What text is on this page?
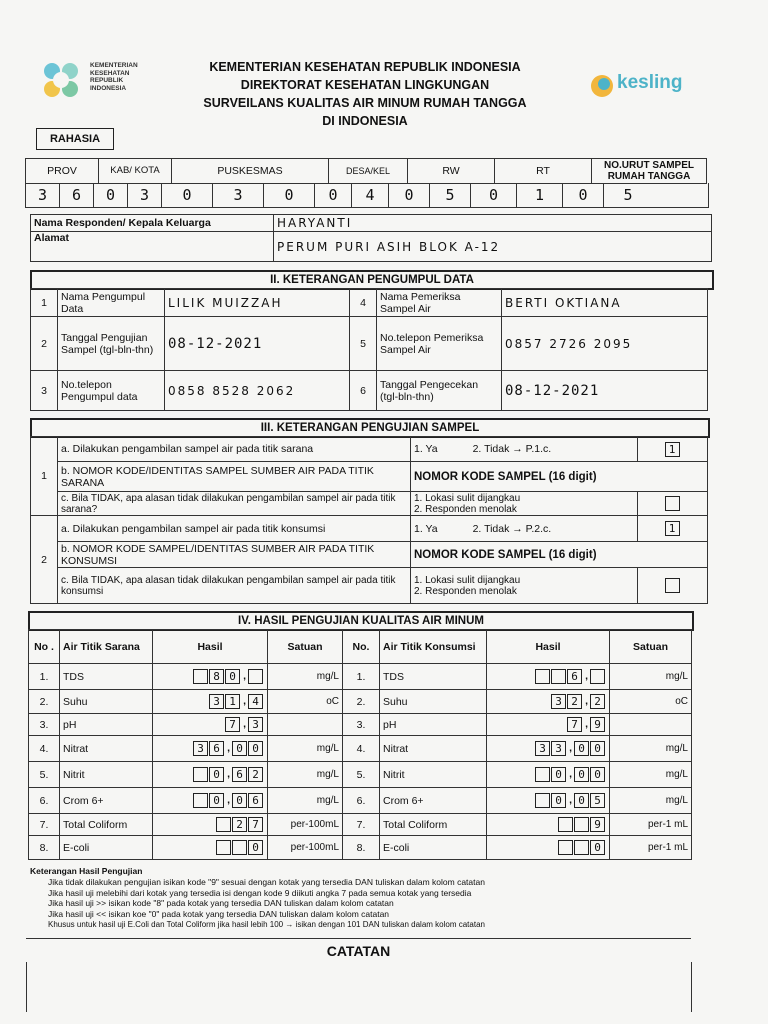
KEMENTERIAN
KESEHATAN
REPUBLIK
INDONESIA
KEMENTERIAN KESEHATAN REPUBLIK INDONESIA
DIREKTORAT KESEHATAN LINGKUNGAN
SURVEILANS KUALITAS AIR MINUM RUMAH TANGGA
DI INDONESIA
kesling
RAHASIA
PROV	KAB/ KOTA	PUSKESMAS	DESA/KEL	RW	RT	NO.URUT SAMPEL RUMAH TANGGA
3	6	0	3	0	3	0	0	4	0	5	0	1	0	5
Nama Responden/ Kepala Keluarga	HARYANTI
Alamat	PERUM PURI ASIH BLOK A-12
II. KETERANGAN PENGUMPUL DATA
1	Nama Pengumpul Data	LILIK MUIZZAH	4	Nama Pemeriksa Sampel Air	BERTI OKTIANA
2	Tanggal Pengujian Sampel (tgl-bln-thn)	08-12-2021	5	No.telepon Pemeriksa Sampel Air	0857 2726 2095
3	No.telepon Pengumpul data	0858 8528 2062	6	Tanggal Pengecekan (tgl-bln-thn)	08-12-2021
III. KETERANGAN PENGUJIAN SAMPEL
1	a. Dilakukan pengambilan sampel air pada titik sarana	1. Ya 2. Tidak → P.1.c.	1
	b. NOMOR KODE/IDENTITAS SAMPEL SUMBER AIR PADA TITIK SARANA	NOMOR KODE SAMPEL (16 digit)	
	c. Bila TIDAK, apa alasan tidak dilakukan pengambilan sampel air pada titik sarana?	1. Lokasi sulit dijangkau
2. Responden menolak	

2	a. Dilakukan pengambilan sampel air pada titik konsumsi	1. Ya 2. Tidak → P.2.c.	1
	b. NOMOR KODE SAMPEL/IDENTITAS SUMBER AIR PADA TITIK KONSUMSI	NOMOR KODE SAMPEL (16 digit)	
	c. Bila TIDAK, apa alasan tidak dilakukan pengambilan sampel air pada titik konsumsi	1. Lokasi sulit dijangkau
2. Responden menolak	

IV. HASIL PENGUJIAN KUALITAS AIR MINUM
No .	Air Titik Sarana	Hasil	Satuan	No.	Air Titik Konsumsi	Hasil	Satuan
1.	TDS	8 0 ,	mg/L	1.	TDS	6 ,	mg/L
2.	Suhu	3 1 , 4	oC	2.	Suhu	3 2 , 2	oC
3.	pH	7 , 3		3.	pH	7 , 9	
4.	Nitrat	3 6 , 0 0	mg/L	4.	Nitrat	3 3 , 0 0	mg/L
5.	Nitrit	0 , 6 2	mg/L	5.	Nitrit	0 , 0 0	mg/L
6.	Crom 6+	0 , 0 6	mg/L	6.	Crom 6+	0 , 0 5	mg/L
7.	Total Coliform	2 7	per-100mL	7.	Total Coliform	9	per-1 mL
8.	E-coli	0	per-100mL	8.	E-coli	0	per-1 mL
Keterangan Hasil Pengujian
Jika tidak dilakukan pengujian isikan kode "9" sesuai dengan kotak yang tersedia DAN tuliskan dalam kolom catatan
Jika hasil uji melebihi dari kotak yang tersedia isi dengan kode 9 diikuti angka 7 pada semua kotak yang tersedia
Jika hasil uji >> isikan kode "8" pada kotak yang tersedia DAN tuliskan dalam kolom catatan
Jika hasil uji << isikan koe "0" pada kotak yang tersedia DAN tuliskan dalam kolom catatan
Khusus untuk hasil uji E.Coli dan Total Coliform jika hasil lebih 100 → isikan dengan 101 DAN tuliskan dalam kolom catatan
CATATAN
